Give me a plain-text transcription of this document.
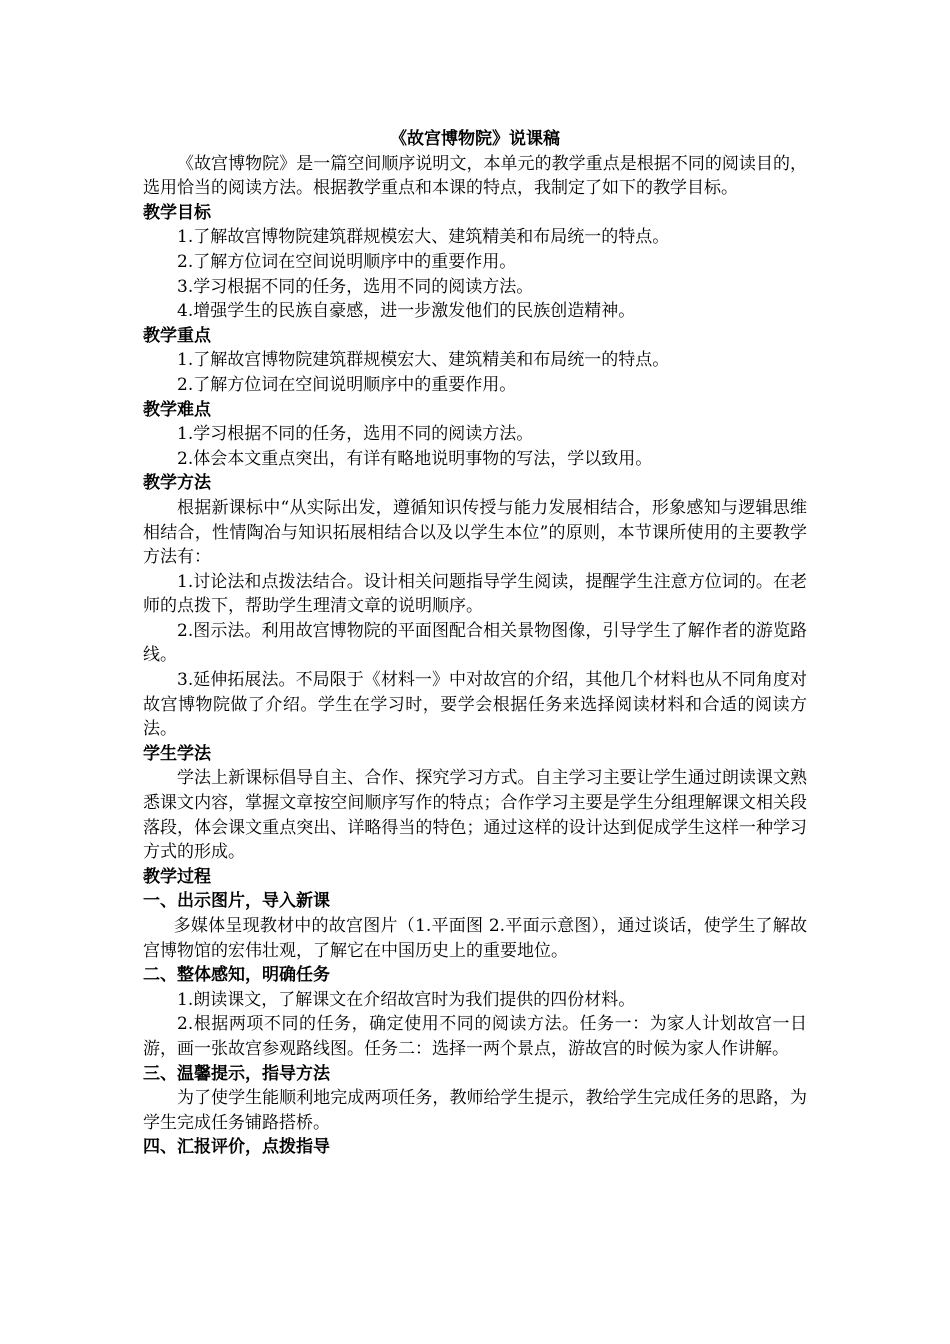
《故宫博物院》说课稿

《故宫博物院》是一篇空间顺序说明文，本单元的教学重点是根据不同的阅读目的，选用恰当的阅读方法。根据教学重点和本课的特点，我制定了如下的教学目标。

教学目标

1.了解故宫博物院建筑群规模宏大、建筑精美和布局统一的特点。

2.了解方位词在空间说明顺序中的重要作用。

3.学习根据不同的任务，选用不同的阅读方法。

4.增强学生的民族自豪感，进一步激发他们的民族创造精神。

教学重点

1.了解故宫博物院建筑群规模宏大、建筑精美和布局统一的特点。

2.了解方位词在空间说明顺序中的重要作用。

教学难点

1.学习根据不同的任务，选用不同的阅读方法。

2.体会本文重点突出，有详有略地说明事物的写法，学以致用。

教学方法

根据新课标中“从实际出发，遵循知识传授与能力发展相结合，形象感知与逻辑思维相结合，性情陶冶与知识拓展相结合以及以学生本位”的原则，本节课所使用的主要教学方法有：

1.讨论法和点拨法结合。设计相关问题指导学生阅读，提醒学生注意方位词的。在老师的点拨下，帮助学生理清文章的说明顺序。

2.图示法。利用故宫博物院的平面图配合相关景物图像，引导学生了解作者的游览路线。

3.延伸拓展法。不局限于《材料一》中对故宫的介绍，其他几个材料也从不同角度对故宫博物院做了介绍。学生在学习时，要学会根据任务来选择阅读材料和合适的阅读方法。

学生学法

学法上新课标倡导自主、合作、探究学习方式。自主学习主要让学生通过朗读课文熟悉课文内容，掌握文章按空间顺序写作的特点；合作学习主要是学生分组理解课文相关段落段，体会课文重点突出、详略得当的特色；通过这样的设计达到促成学生这样一种学习方式的形成。

教学过程

一、出示图片，导入新课

多媒体呈现教材中的故宫图片（1.平面图 2.平面示意图），通过谈话，使学生了解故宫博物馆的宏伟壮观，了解它在中国历史上的重要地位。

二、整体感知，明确任务

1.朗读课文，了解课文在介绍故宫时为我们提供的四份材料。

2.根据两项不同的任务，确定使用不同的阅读方法。任务一：为家人计划故宫一日游，画一张故宫参观路线图。任务二：选择一两个景点，游故宫的时候为家人作讲解。

三、温馨提示，指导方法

为了使学生能顺利地完成两项任务，教师给学生提示，教给学生完成任务的思路，为学生完成任务铺路搭桥。

四、汇报评价，点拨指导
